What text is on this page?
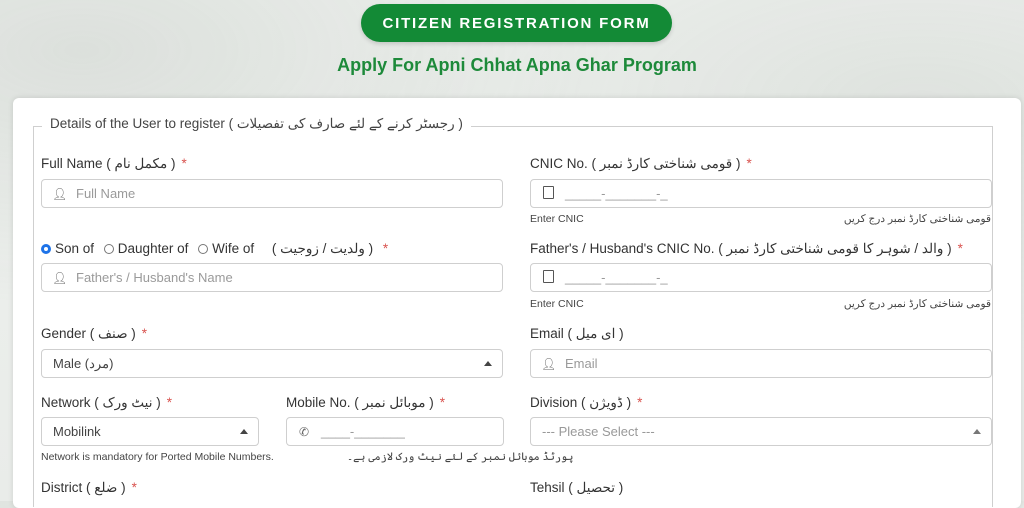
CITIZEN REGISTRATION FORM
Apply For Apni Chhat Apna Ghar Program
Details of the User to register ( رجسٹر کرنے کے لئے صارف کی تفصیلات )
Full Name ( مکمل نام ) *
👤︎ Full Name
CNIC No. ( قومی شناختی کارڈ نمبر ) *
_____-_______-_
Enter CNIC	قومی شناختی کارڈ نمبر درج کریں
Son of Daughter of Wife of ( ولدیت / زوجیت ) *
👤︎ Father's / Husband's Name
Father's / Husband's CNIC No. ( والد / شوہر کا قومی شناختی کارڈ نمبر ) *
_____-_______-_
Enter CNIC	قومی شناختی کارڈ نمبر درج کریں
Gender ( صنف ) *
Male (مرد)
Email ( ای میل )
👤︎ Email
Network ( نیٹ ورک ) *
Mobilink
Network is mandatory for Ported Mobile Numbers.
Mobile No. ( موبائل نمبر ) *
✆ ____-_______
پورٹڈ موبائل نمبر کے لئے نیٹ ورک لازمی ہے۔
Division ( ڈویژن ) *
--- Please Select ---
District ( ضلع ) *	Tehsil ( تحصیل )
